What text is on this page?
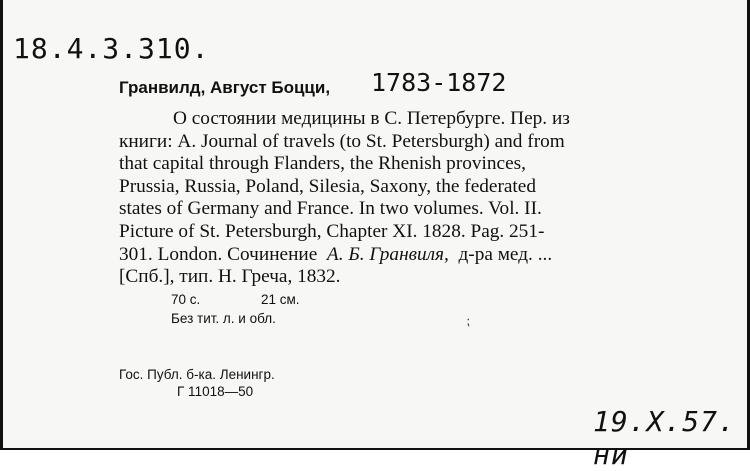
18.4.3.310.
Гранвилд, Август Боцци, 1783-1872
О состоянии медицины в С. Петербурге. Пер. из
книги: A. Journal of travels (to St. Petersburgh) and from
that capital through Flanders, the Rhenish provinces,
Prussia, Russia, Poland, Silesia, Saxony, the federated
states of Germany and France. In two volumes. Vol. II.
Picture of St. Petersburgh, Chapter XI. 1828. Pag. 251-
301. London. Сочинение А. Б. Гранвиля, д-ра мед. ...
[Спб.], тип. Н. Греча, 1832.
70 с.	21 см.
Без тит. л. и обл.	⁏
Гос. Публ. б-ка. Ленингр.
Г 11018—50
19.X.57. ни
